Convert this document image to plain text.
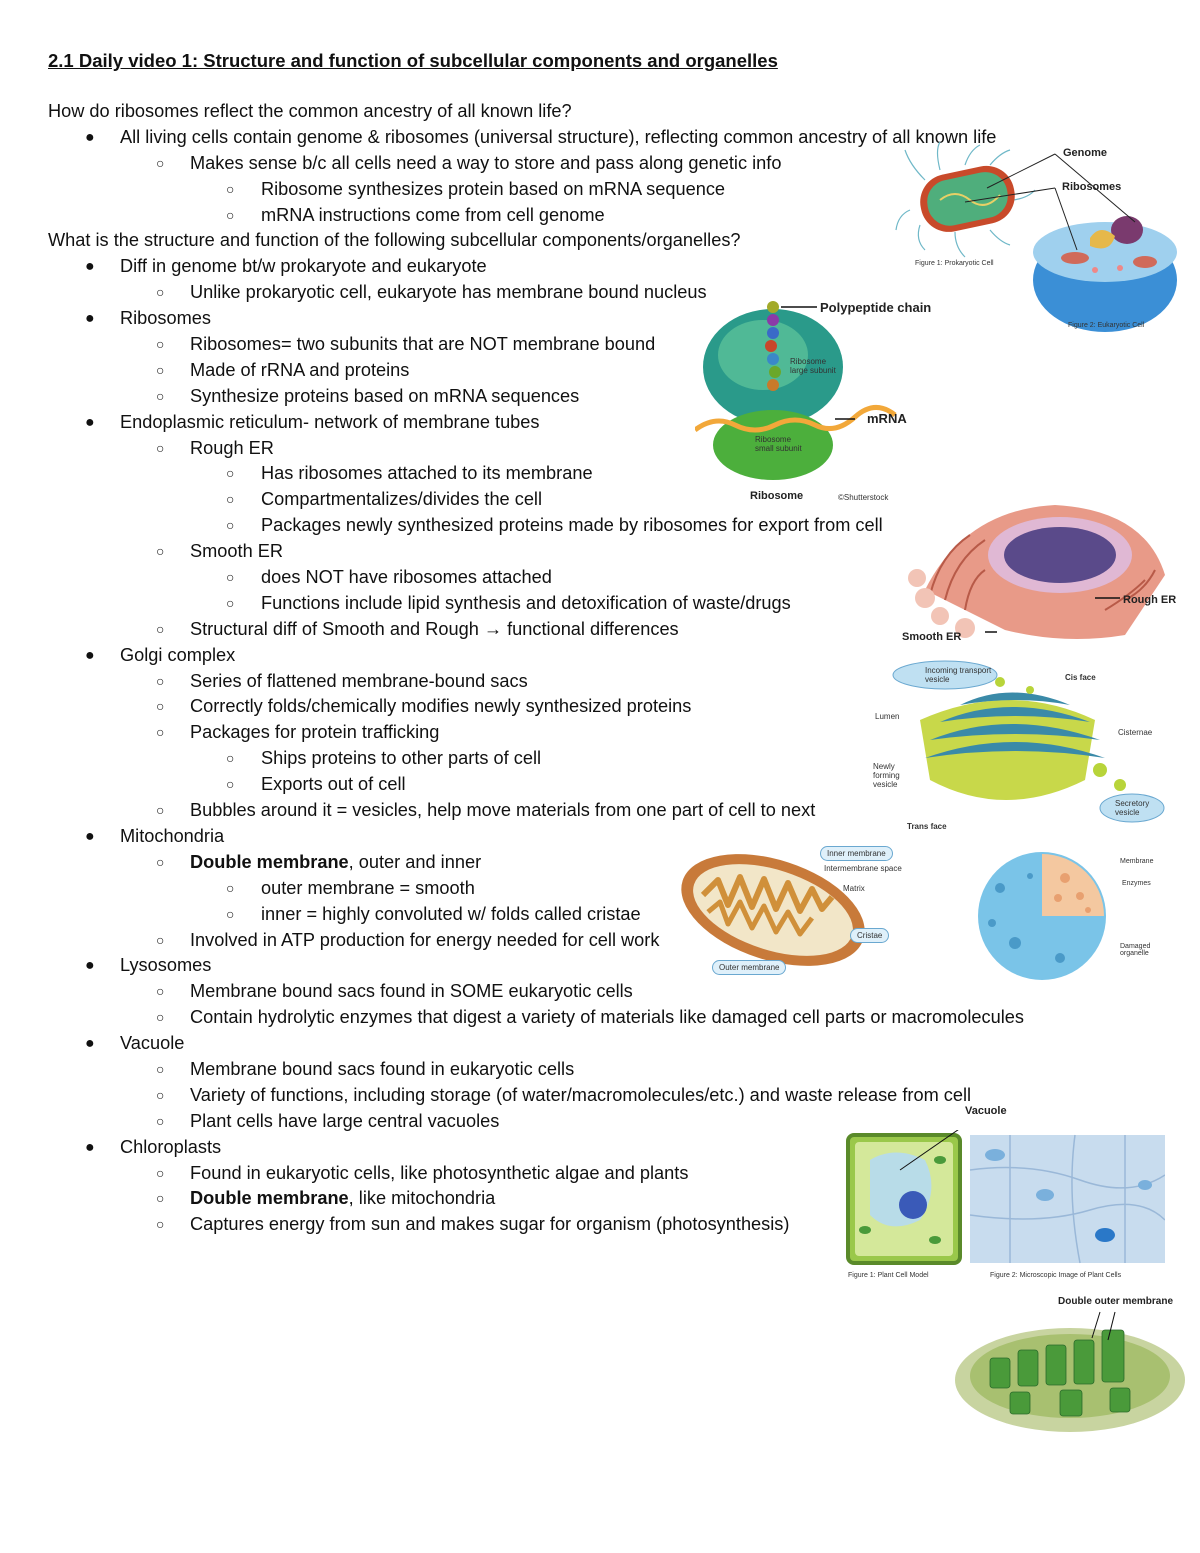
2.1 Daily video 1: Structure and function of subcellular components and organelles
How do ribosomes reflect the common ancestry of all known life?
● All living cells contain genome & ribosomes (universal structure), reflecting common ancestry of all known life
○ Makes sense b/c all cells need a way to store and pass along genetic info
○ Ribosome synthesizes protein based on mRNA sequence
○ mRNA instructions come from cell genome
What is the structure and function of the following subcellular components/organelles?
● Diff in genome bt/w prokaryote and eukaryote
○ Unlike prokaryotic cell, eukaryote has membrane bound nucleus
● Ribosomes
○ Ribosomes= two subunits that are NOT membrane bound
○ Made of rRNA and proteins
○ Synthesize proteins based on mRNA sequences
● Endoplasmic reticulum- network of membrane tubes
○ Rough ER
○ Has ribosomes attached to its membrane
○ Compartmentalizes/divides the cell
○ Packages newly synthesized proteins made by ribosomes for export from cell
○ Smooth ER
○ does NOT have ribosomes attached
○ Functions include lipid synthesis and detoxification of waste/drugs
○ Structural diff of Smooth and Rough → functional differences
● Golgi complex
○ Series of flattened membrane-bound sacs
○ Correctly folds/chemically modifies newly synthesized proteins
○ Packages for protein trafficking
○ Ships proteins to other parts of cell
○ Exports out of cell
○ Bubbles around it = vesicles, help move materials from one part of cell to next
● Mitochondria
○ Double membrane, outer and inner
○ outer membrane = smooth
○ inner = highly convoluted w/ folds called cristae
○ Involved in ATP production for energy needed for cell work
● Lysosomes
○ Membrane bound sacs found in SOME eukaryotic cells
○ Contain hydrolytic enzymes that digest a variety of materials like damaged cell parts or macromolecules
● Vacuole
○ Membrane bound sacs found in eukaryotic cells
○ Variety of functions, including storage (of water/macromolecules/etc.) and waste release from cell
○ Plant cells have large central vacuoles
● Chloroplasts
○ Found in eukaryotic cells, like photosynthetic algae and plants
○ Double membrane, like mitochondria
○ Captures energy from sun and makes sugar for organism (photosynthesis)
Genome
Ribosomes
Figure 1: Prokaryotic Cell
Figure 2: Eukaryotic Cell
Polypeptide chain
mRNA
Ribosome large subunit
Ribosome small subunit
Ribosome	©Shutterstock
Rough ER
Smooth ER
Incoming transport vesicle	Cis face
Lumen
Cisternae
Newly forming vesicle
Secretory vesicle
Trans face
Inner membrane
Intermembrane space
Matrix
Cristae
Outer membrane
Membrane
Enzymes
Damaged organelle
Vacuole
Figure 1: Plant Cell Model	Figure 2: Microscopic Image of Plant Cells
Double outer membrane
